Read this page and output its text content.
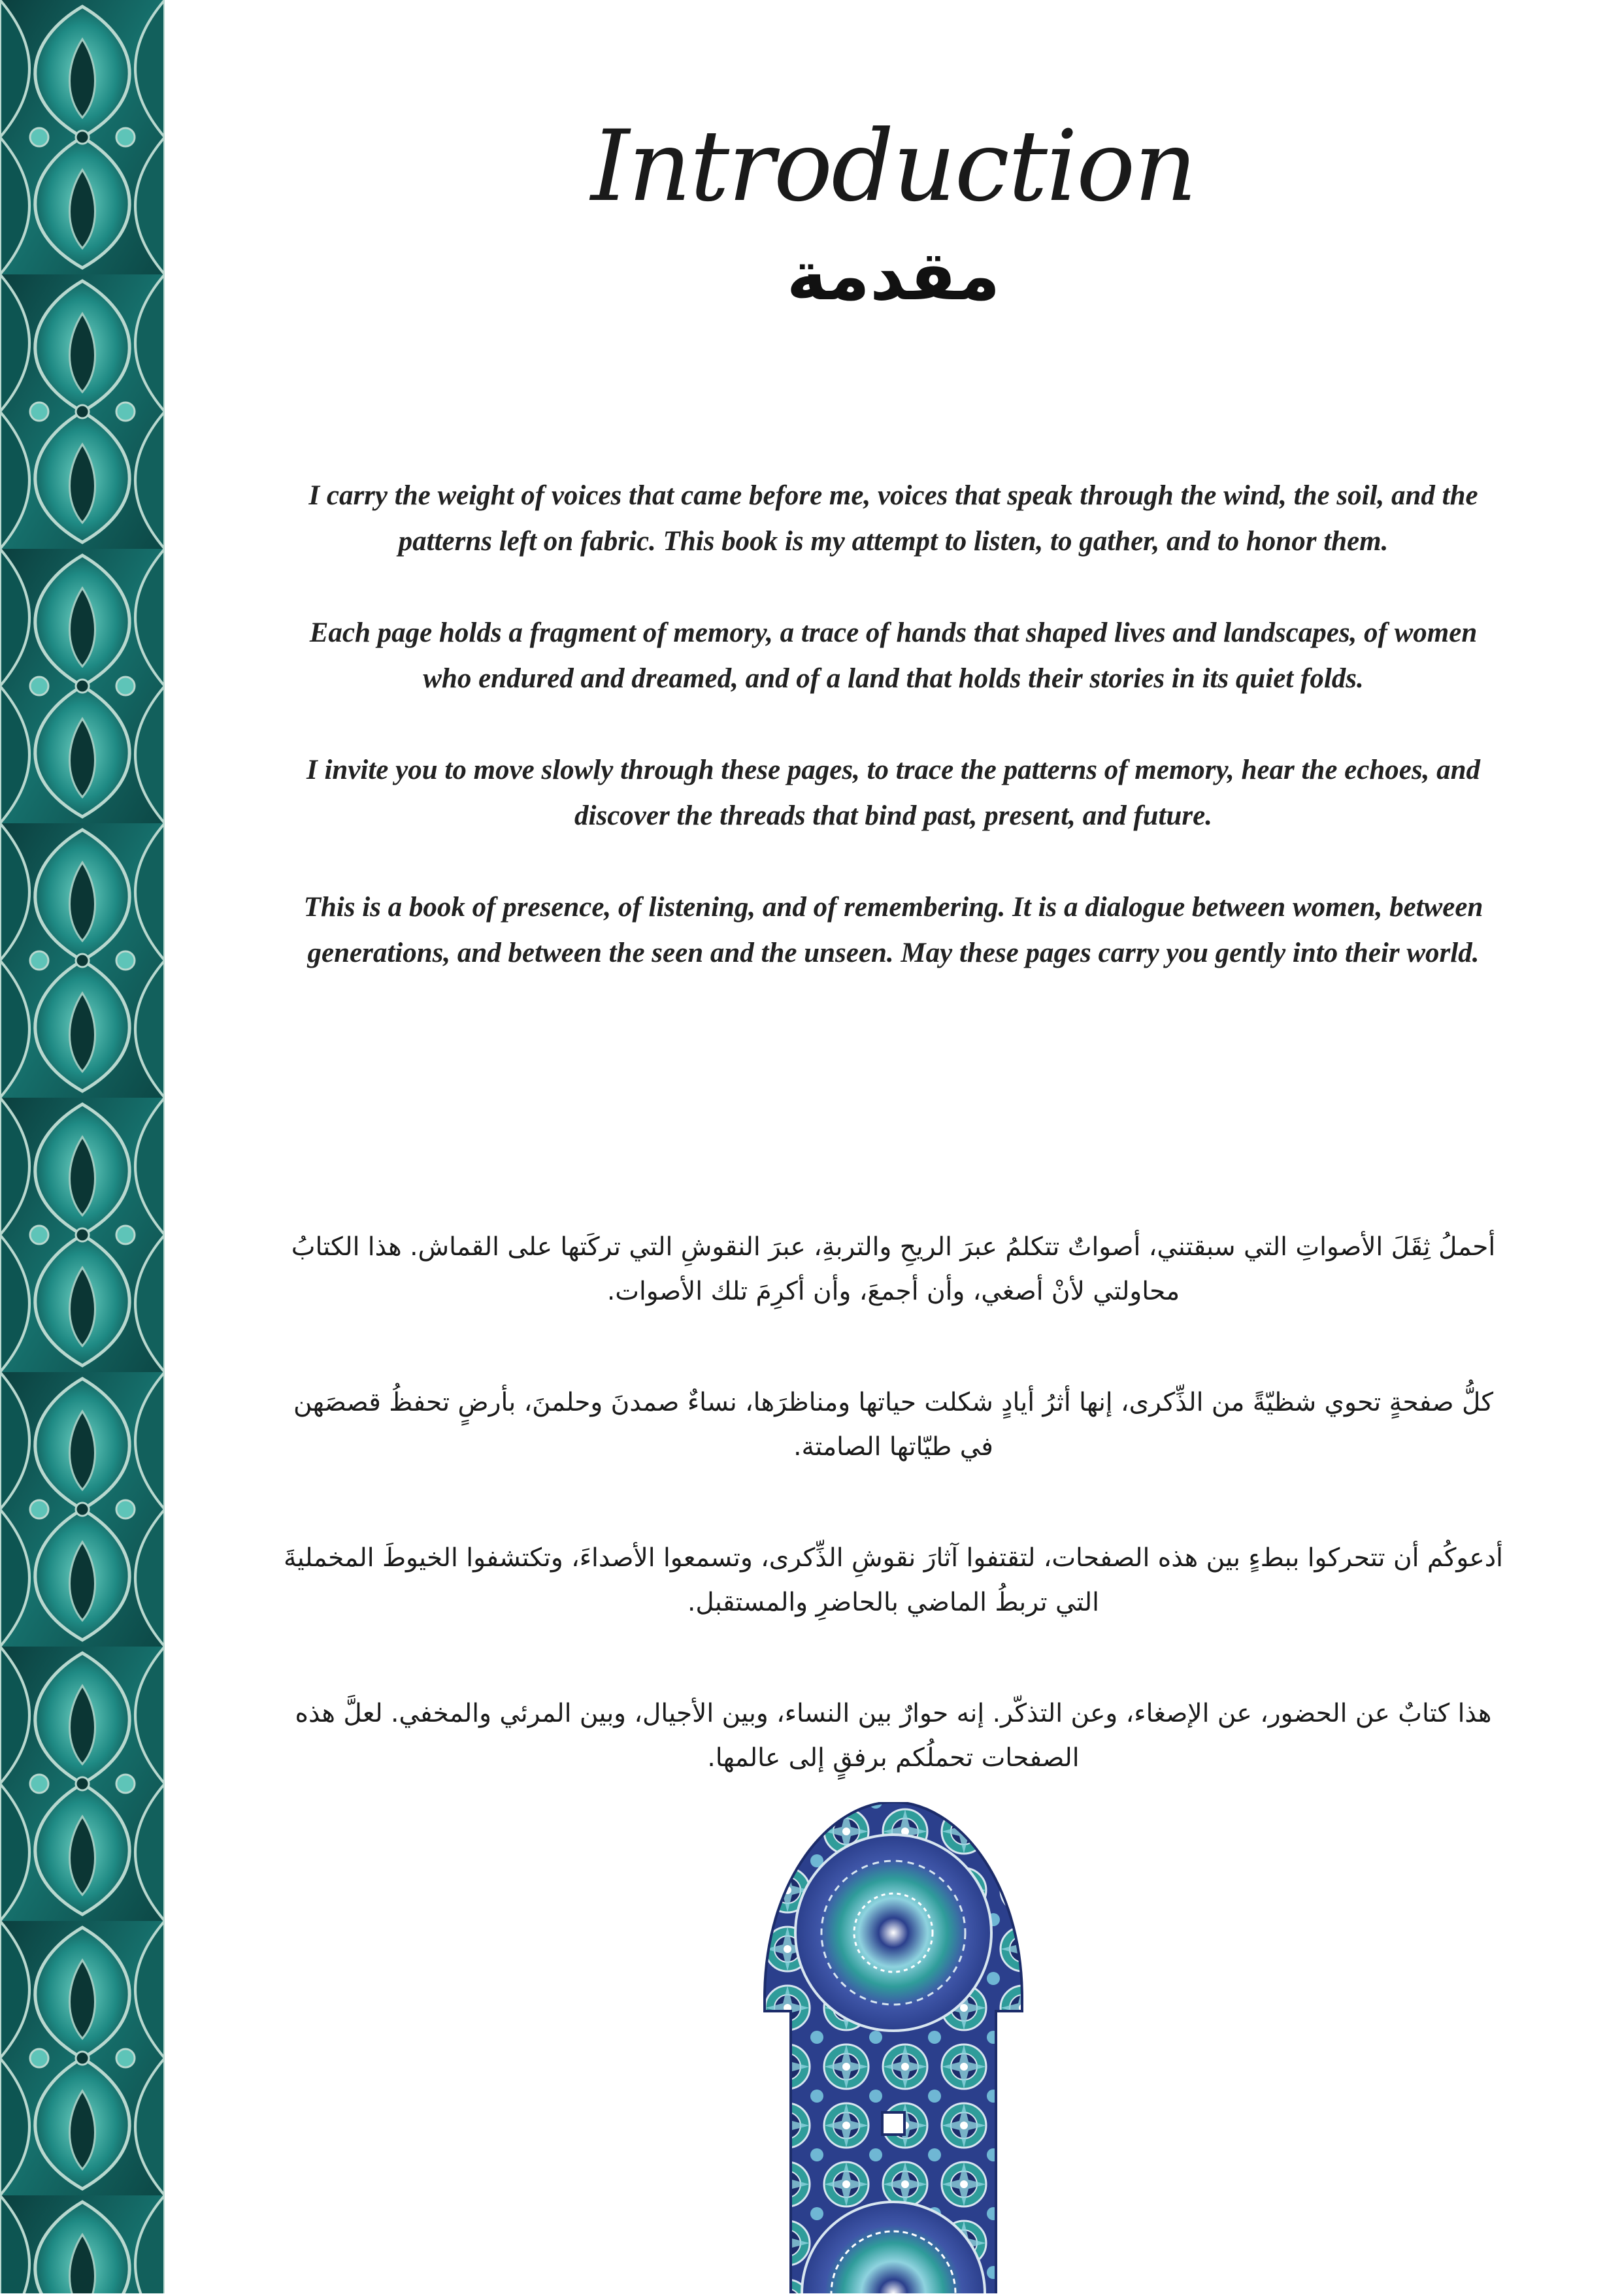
Introduction
مقدمة

I carry the weight of voices that came before me, voices that speak through the wind, the soil, and the patterns left on fabric. This book is my attempt to listen, to gather, and to honor them.

Each page holds a fragment of memory, a trace of hands that shaped lives and landscapes, of women who endured and dreamed, and of a land that holds their stories in its quiet folds.

I invite you to move slowly through these pages, to trace the patterns of memory, hear the echoes, and discover the threads that bind past, present, and future.

This is a book of presence, of listening, and of remembering. It is a dialogue between women, between generations, and between the seen and the unseen. May these pages carry you gently into their world.

أحملُ ثِقَلَ الأصواتِ التي سبقتني، أصواتٌ تتكلمُ عبرَ الريحِ والتربةِ، عبرَ النقوشِ التي تركَتها على القماش. هذا الكتابُ محاولتي لأنْ أصغي، وأن أجمعَ، وأن أكرِمَ تلك الأصوات.

كلُّ صفحةٍ تحوي شظيّةً من الذِّكرى، إنها أثرُ أيادٍ شكلت حياتها ومناظرَها، نساءٌ صمدنَ وحلمنَ، بأرضٍ تحفظُ قصصَهن في طيّاتها الصامتة.

أدعوكُم أن تتحركوا ببطءٍ بين هذه الصفحات، لتقتفوا آثارَ نقوشِ الذِّكرى، وتسمعوا الأصداءَ، وتكتشفوا الخيوطَ المخمليةَ التي تربطُ الماضي بالحاضرِ والمستقبل.

هذا كتابٌ عن الحضور، عن الإصغاء، وعن التذكّر. إنه حوارٌ بين النساء، وبين الأجيال، وبين المرئي والمخفي. لعلَّ هذه الصفحات تحملُكم برفقٍ إلى عالمها.
